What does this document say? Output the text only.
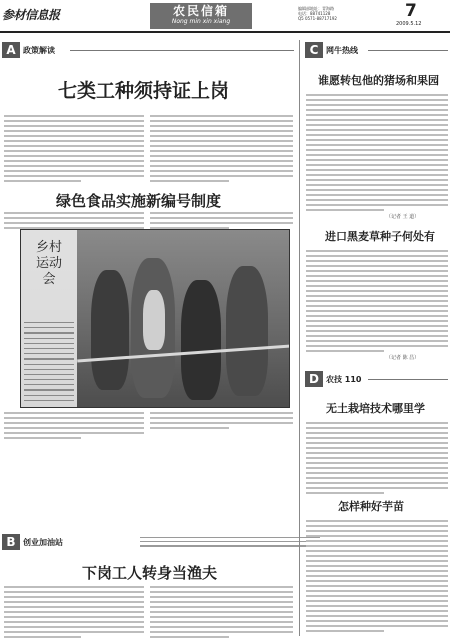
参材信息报	农民信箱
Nong min xin xiang
编辑部地址：青海路
电话：88741128
Q5 0571-88717192	7
2009.5.12
A 政策解读
七类工种须持证上岗
绿色食品实施新编号制度
乡村运动会
B 创业加油站
下岗工人转身当渔夫
C 网牛热线
谁愿转包他的猪场和果园
（记者 王 道）
进口黑麦草种子何处有
（记者 陈 昌）
D 农技 110
无土栽培技术哪里学
怎样种好芋苗
